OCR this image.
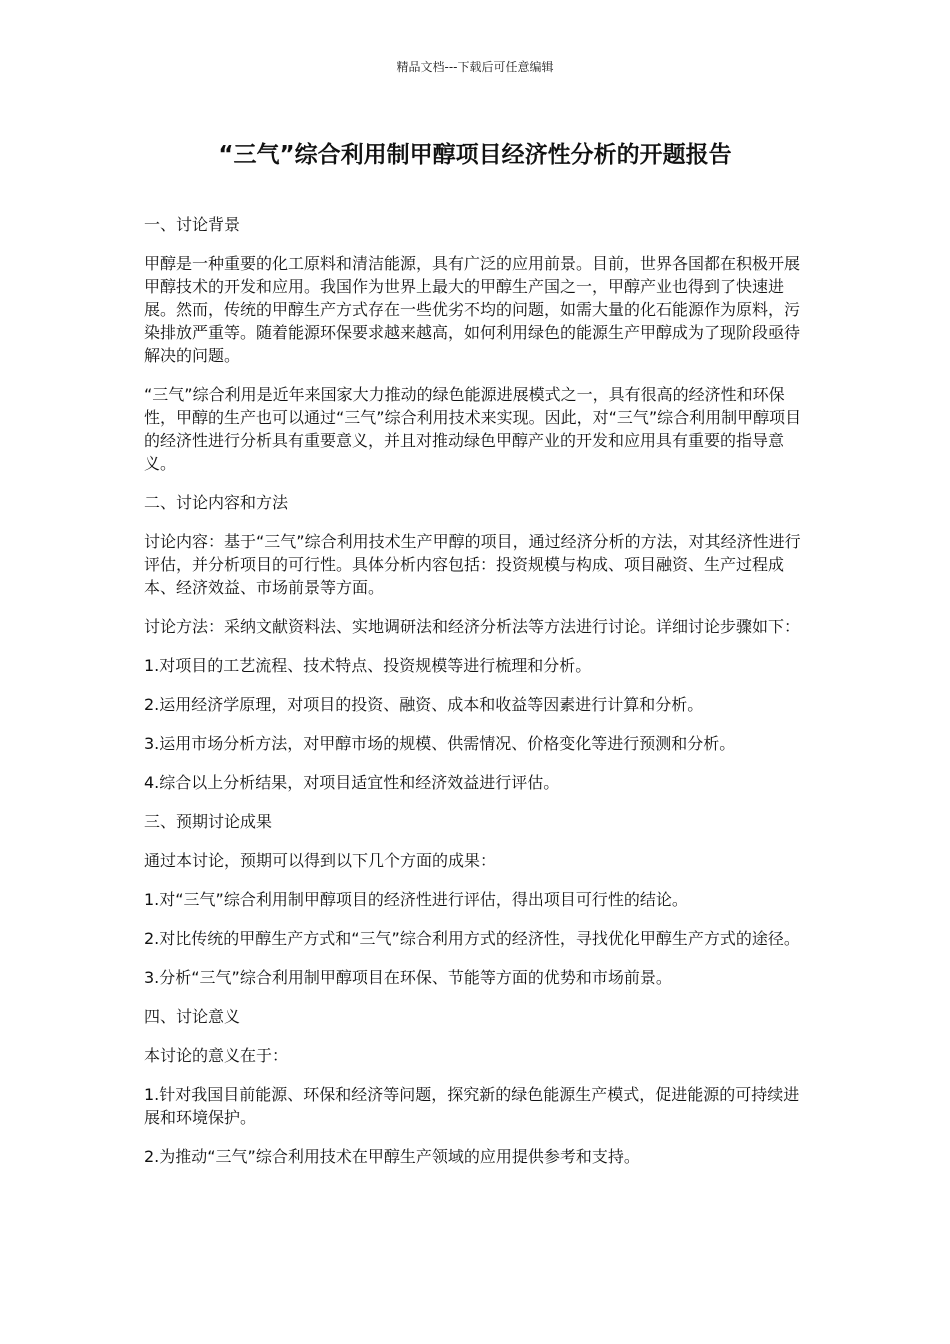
精品文档---下载后可任意编辑
“三气”综合利用制甲醇项目经济性分析的开题报告

一、讨论背景

甲醇是一种重要的化工原料和清洁能源，具有广泛的应用前景。目前，世界各国都在积极开展甲醇技术的开发和应用。我国作为世界上最大的甲醇生产国之一，甲醇产业也得到了快速进展。然而，传统的甲醇生产方式存在一些优劣不均的问题，如需大量的化石能源作为原料，污染排放严重等。随着能源环保要求越来越高，如何利用绿色的能源生产甲醇成为了现阶段亟待解决的问题。

“三气”综合利用是近年来国家大力推动的绿色能源进展模式之一，具有很高的经济性和环保性，甲醇的生产也可以通过“三气”综合利用技术来实现。因此，对“三气”综合利用制甲醇项目的经济性进行分析具有重要意义，并且对推动绿色甲醇产业的开发和应用具有重要的指导意义。

二、讨论内容和方法

讨论内容：基于“三气”综合利用技术生产甲醇的项目，通过经济分析的方法，对其经济性进行评估，并分析项目的可行性。具体分析内容包括：投资规模与构成、项目融资、生产过程成本、经济效益、市场前景等方面。

讨论方法：采纳文献资料法、实地调研法和经济分析法等方法进行讨论。详细讨论步骤如下：

1.对项目的工艺流程、技术特点、投资规模等进行梳理和分析。

2.运用经济学原理，对项目的投资、融资、成本和收益等因素进行计算和分析。

3.运用市场分析方法，对甲醇市场的规模、供需情况、价格变化等进行预测和分析。

4.综合以上分析结果，对项目适宜性和经济效益进行评估。

三、预期讨论成果

通过本讨论，预期可以得到以下几个方面的成果：

1.对“三气”综合利用制甲醇项目的经济性进行评估，得出项目可行性的结论。

2.对比传统的甲醇生产方式和“三气”综合利用方式的经济性，寻找优化甲醇生产方式的途径。

3.分析“三气”综合利用制甲醇项目在环保、节能等方面的优势和市场前景。

四、讨论意义

本讨论的意义在于：

1.针对我国目前能源、环保和经济等问题，探究新的绿色能源生产模式，促进能源的可持续进展和环境保护。

2.为推动“三气”综合利用技术在甲醇生产领域的应用提供参考和支持。
